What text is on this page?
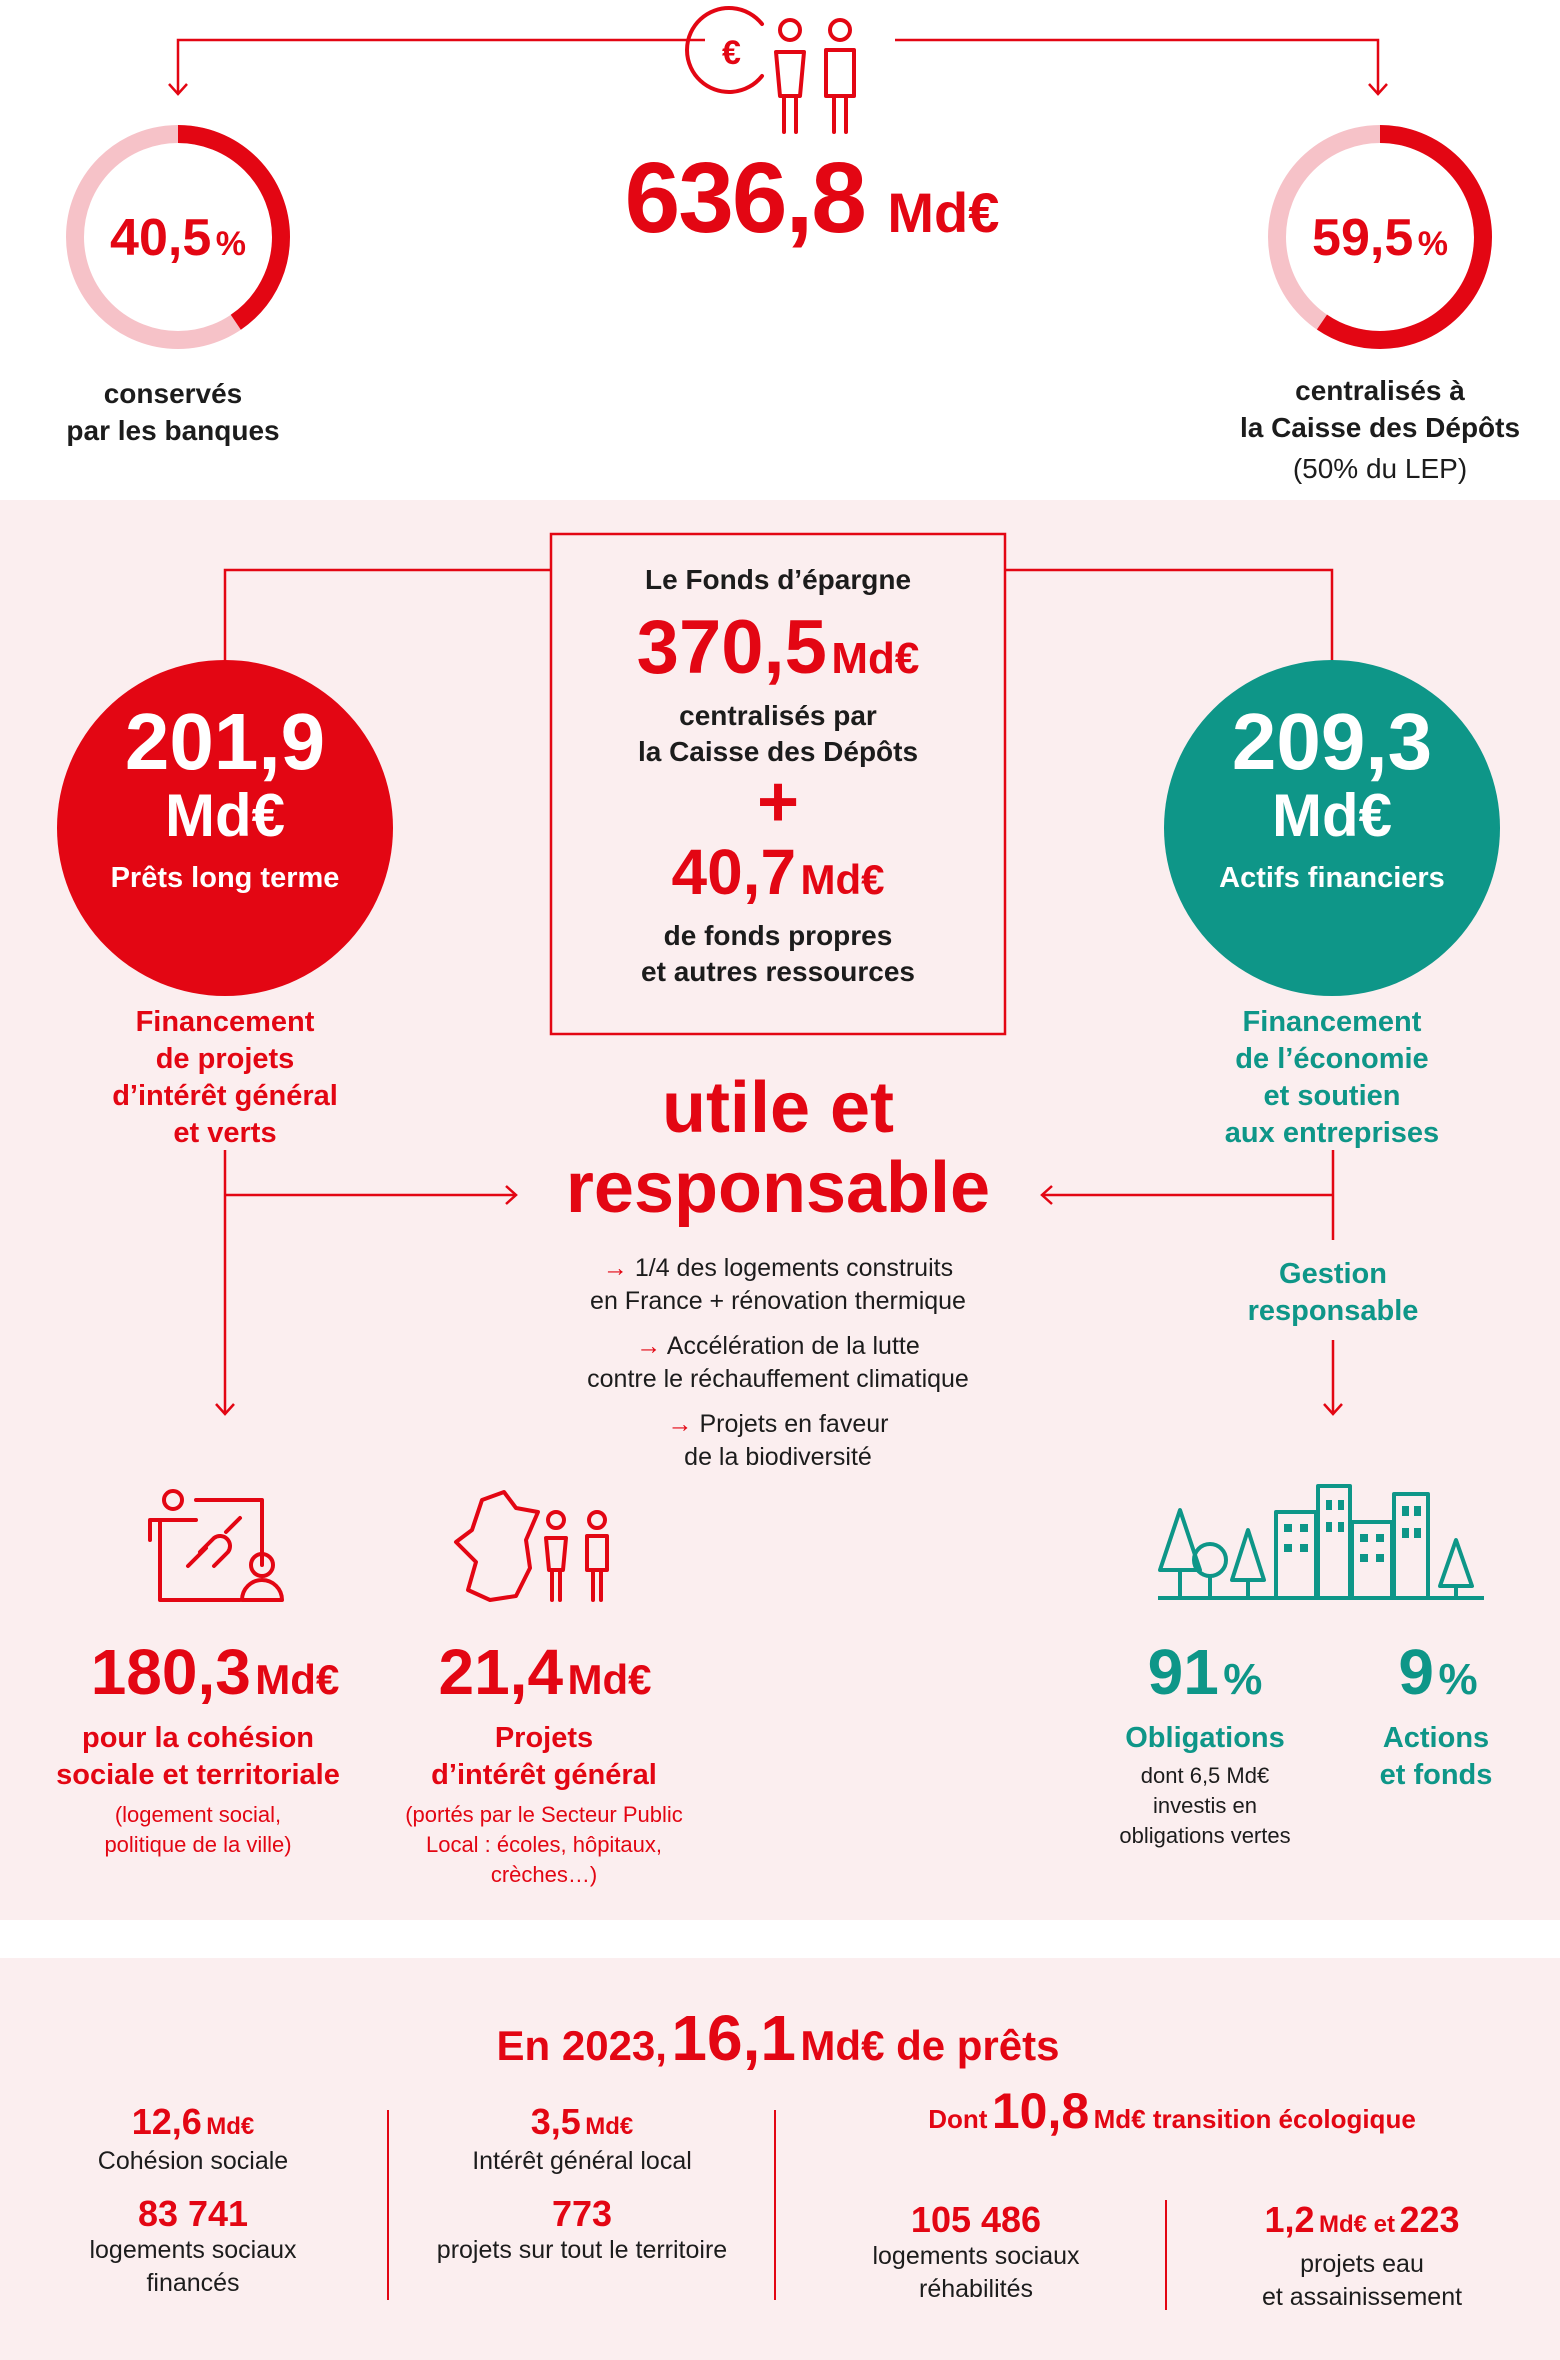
€
636,8 Md€
40,5 %
conservés
par les banques
59,5 %
centralisés à
la Caisse des Dépôts
(50% du LEP)
Le Fonds d’épargne
370,5 Md€
centralisés par
la Caisse des Dépôts
+
40,7 Md€
de fonds propres
et autres ressources
201,9
Md€
Prêts long terme
Financement
de projets
d’intérêt général
et verts
209,3
Md€
Actifs financiers
Financement
de l’économie
et soutien
aux entreprises
Gestion
responsable
utile et
responsable
→ 1/4 des logements construits
en France + rénovation thermique
→ Accélération de la lutte
contre le réchauffement climatique
→ Projets en faveur
de la biodiversité
180,3 Md€
pour la cohésion
sociale et territoriale
(logement social,
politique de la ville)
21,4 Md€
Projets
d’intérêt général
(portés par le Secteur Public
Local : écoles, hôpitaux,
crèches…)
91 %
Obligations
dont 6,5 Md€
investis en
obligations vertes
9 %
Actions
et fonds
En 2023, 16,1 Md€ de prêts
12,6 Md€
Cohésion sociale
83 741
logements sociaux
financés
3,5 Md€
Intérêt général local
773
projets sur tout le territoire
Dont 10,8 Md€ transition écologique
105 486
logements sociaux
réhabilités
1,2 Md€ et 223
projets eau
et assainissement
